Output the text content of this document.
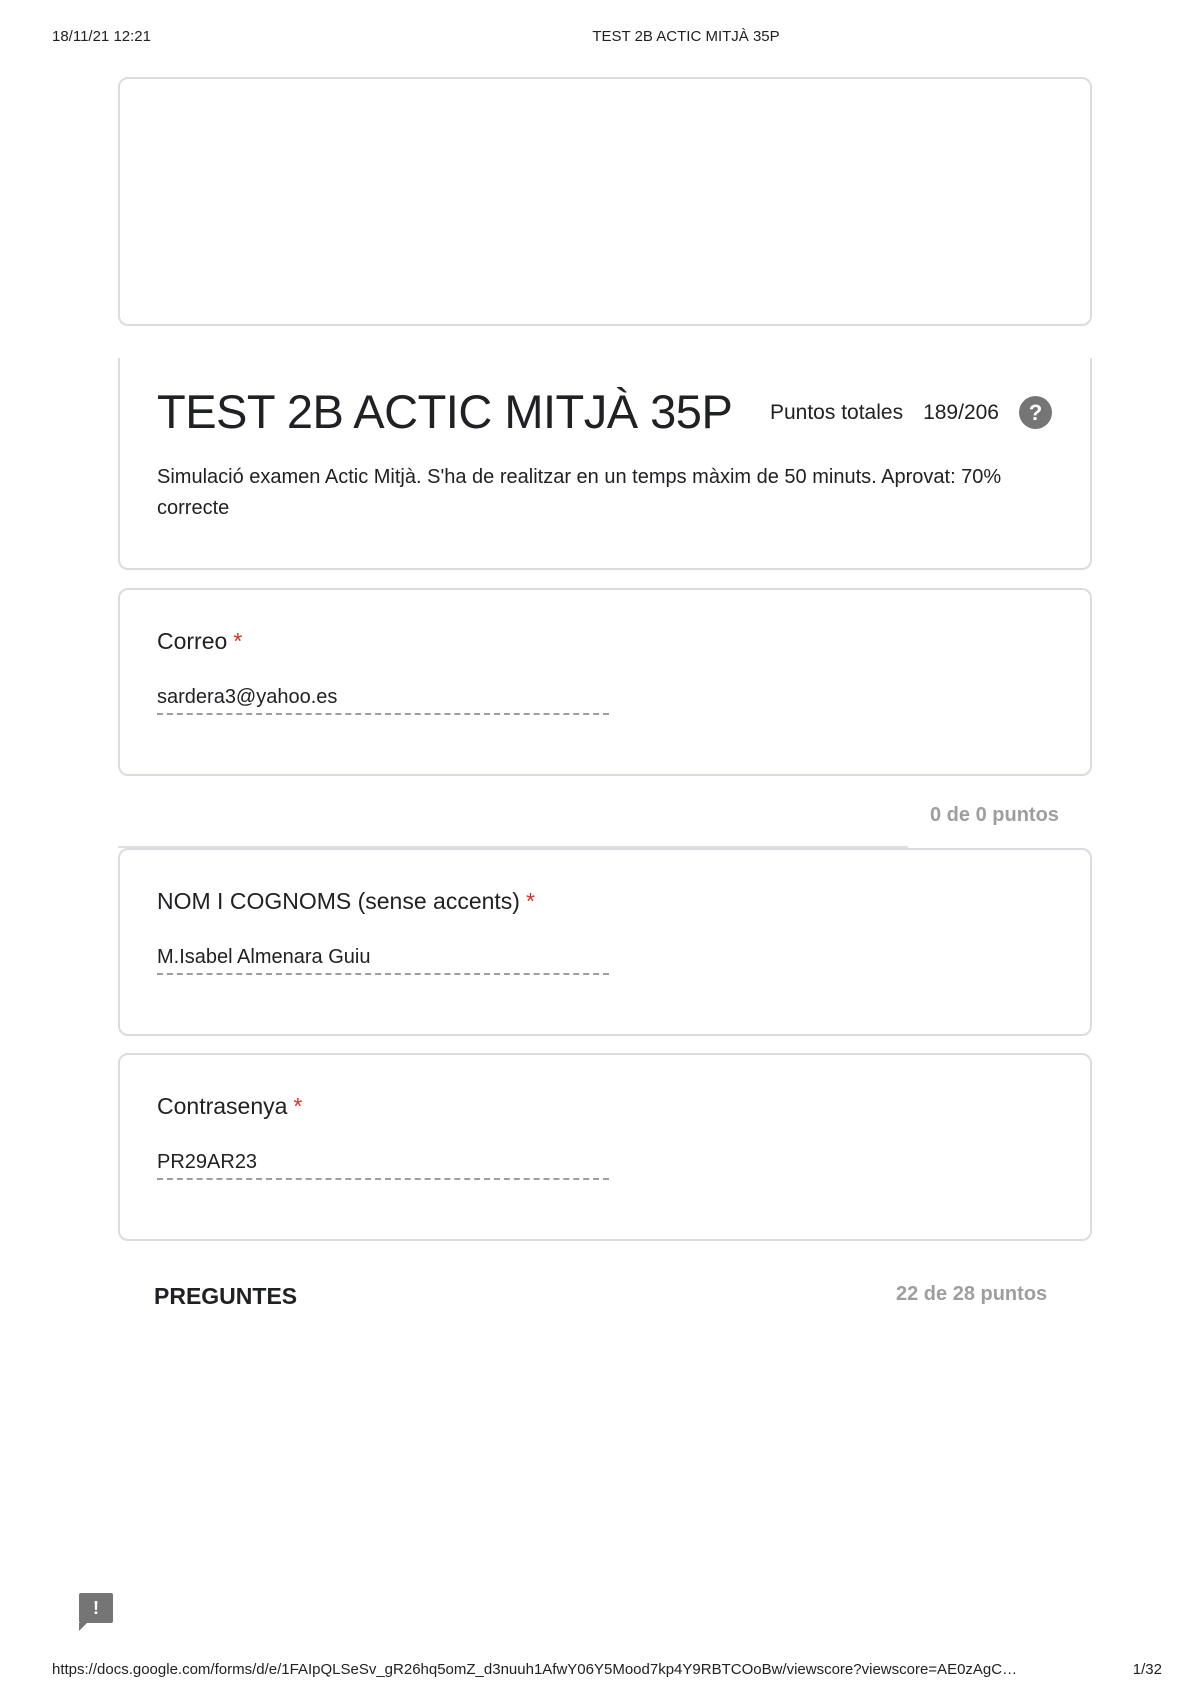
18/11/21 12:21	TEST 2B ACTIC MITJÀ 35P
TEST 2B ACTIC MITJÀ 35P Puntos totales 189/206	?

Simulació examen Actic Mitjà. S'ha de realitzar en un temps màxim de 50 minuts. Aprovat: 70% correcte

Correo *
sardera3@yahoo.es
0 de 0 puntos
NOM I COGNOMS (sense accents) *
M.Isabel Almenara Guiu
Contrasenya *
PR29AR23
PREGUNTES	22 de 28 puntos
!
https://docs.google.com/forms/d/e/1FAIpQLSeSv_gR26hq5omZ_d3nuuh1AfwY06Y5Mood7kp4Y9RBTCOoBw/viewscore?viewscore=AE0zAgC…	1/32
